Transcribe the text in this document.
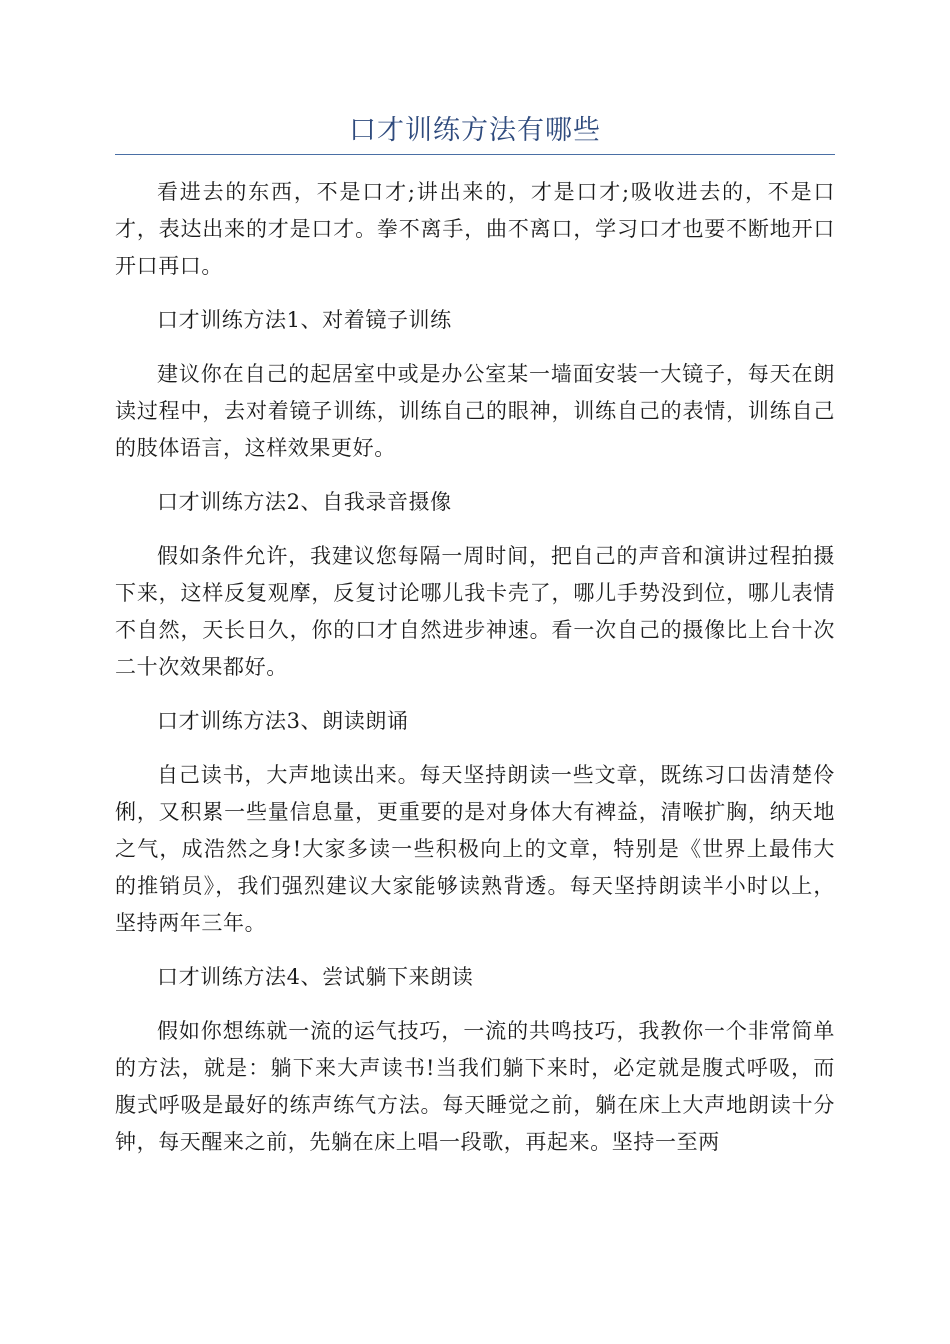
口才训练方法有哪些

看进去的东西，不是口才;讲出来的，才是口才;吸收进去的，不是口才，表达出来的才是口才。拳不离手，曲不离口，学习口才也要不断地开口开口再口。

口才训练方法1、对着镜子训练

建议你在自己的起居室中或是办公室某一墙面安装一大镜子，每天在朗读过程中，去对着镜子训练，训练自己的眼神，训练自己的表情，训练自己的肢体语言，这样效果更好。

口才训练方法2、自我录音摄像

假如条件允许，我建议您每隔一周时间，把自己的声音和演讲过程拍摄下来，这样反复观摩，反复讨论哪儿我卡壳了，哪儿手势没到位，哪儿表情不自然，天长日久，你的口才自然进步神速。看一次自己的摄像比上台十次二十次效果都好。

口才训练方法3、朗读朗诵

自己读书，大声地读出来。每天坚持朗读一些文章，既练习口齿清楚伶俐，又积累一些量信息量，更重要的是对身体大有裨益，清喉扩胸，纳天地之气，成浩然之身!大家多读一些积极向上的文章，特别是《世界上最伟大的推销员》，我们强烈建议大家能够读熟背透。每天坚持朗读半小时以上，坚持两年三年。

口才训练方法4、尝试躺下来朗读

假如你想练就一流的运气技巧，一流的共鸣技巧，我教你一个非常简单的方法，就是：躺下来大声读书!当我们躺下来时，必定就是腹式呼吸，而腹式呼吸是最好的练声练气方法。每天睡觉之前，躺在床上大声地朗读十分钟，每天醒来之前，先躺在床上唱一段歌，再起来。坚持一至两
